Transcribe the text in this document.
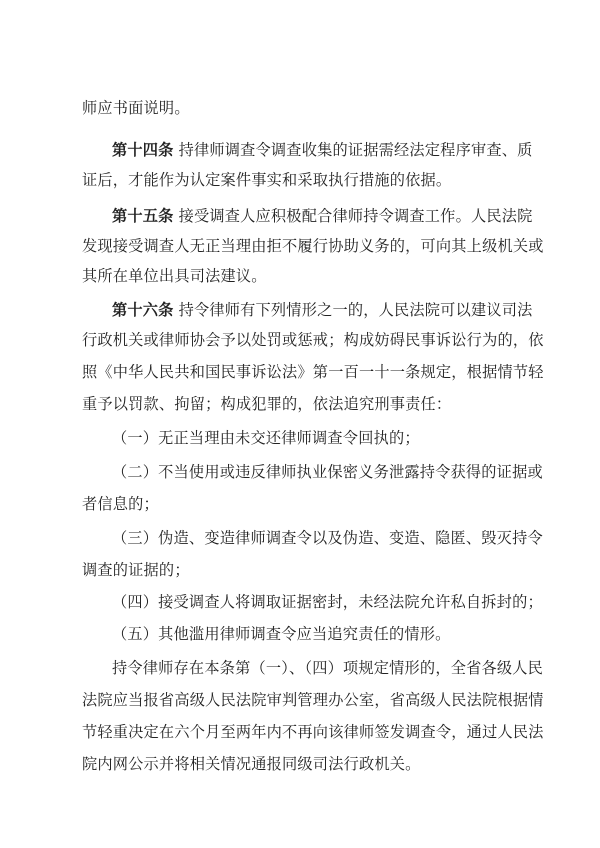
师应书面说明。
第十四条 持律师调查令调查收集的证据需经法定程序审查、质
证后，才能作为认定案件事实和采取执行措施的依据。
第十五条 接受调查人应积极配合律师持令调查工作。人民法院
发现接受调查人无正当理由拒不履行协助义务的，可向其上级机关或
其所在单位出具司法建议。
第十六条 持令律师有下列情形之一的，人民法院可以建议司法
行政机关或律师协会予以处罚或惩戒；构成妨碍民事诉讼行为的，依
照《中华人民共和国民事诉讼法》第一百一十一条规定，根据情节轻
重予以罚款、拘留；构成犯罪的，依法追究刑事责任：
（一）无正当理由未交还律师调查令回执的；
（二）不当使用或违反律师执业保密义务泄露持令获得的证据或
者信息的；
（三）伪造、变造律师调查令以及伪造、变造、隐匿、毁灭持令
调查的证据的；
（四）接受调查人将调取证据密封，未经法院允许私自拆封的；
（五）其他滥用律师调查令应当追究责任的情形。
持令律师存在本条第（一）、（四）项规定情形的，全省各级人民
法院应当报省高级人民法院审判管理办公室，省高级人民法院根据情
节轻重决定在六个月至两年内不再向该律师签发调查令，通过人民法
院内网公示并将相关情况通报同级司法行政机关。
